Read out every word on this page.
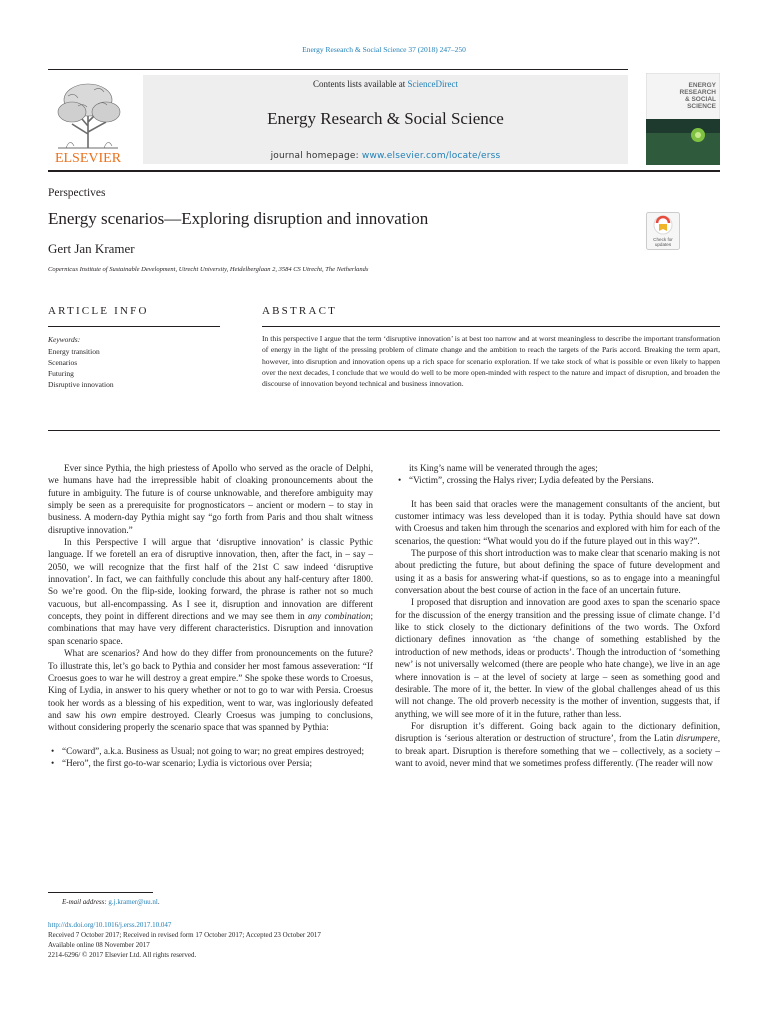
Energy Research & Social Science 37 (2018) 247–250
ELSEVIER
Contents lists available at ScienceDirect
Energy Research & Social Science
journal homepage: www.elsevier.com/locate/erss
ENERGY
RESEARCH
& SOCIAL
SCIENCE
Perspectives
Energy scenarios—Exploring disruption and innovation
Gert Jan Kramer
Copernicus Institute of Sustainable Development, Utrecht University, Heidelberglaan 2, 3584 CS Utrecht, The Netherlands
Check for
updates
ARTICLE INFO
Keywords:
Energy transition
Scenarios
Futuring
Disruptive innovation
ABSTRACT
In this perspective I argue that the term ‘disruptive innovation’ is at best too narrow and at worst meaningless to describe the important transformation of energy in the light of the pressing problem of climate change and the ambition to reach the targets of the Paris accord. Breaking the term apart, however, into disruption and innovation opens up a rich space for scenario exploration. If we take stock of what is possible or even likely to happen over the next decades, I conclude that we would do well to be more open-minded with respect to the nature and impact of disruption, and broaden the discourse of innovation beyond technical and business innovation.

Ever since Pythia, the high priestess of Apollo who served as the oracle of Delphi, we humans have had the irrepressible habit of cloaking pronouncements about the future in ambiguity. The future is of course unknowable, and therefore ambiguity may simply be seen as a prerequisite for prognosticators – ancient or modern – to stay in business. A modern-day Pythia might say “go forth from Paris and thou shalt witness disruptive innovation.”

In this Perspective I will argue that ‘disruptive innovation’ is classic Pythic language. If we foretell an era of disruptive innovation, then, after the fact, in – say – 2050, we will recognize that the first half of the 21st C saw indeed ‘disruptive innovation’. In fact, we can faithfully conclude this about any half-century after 1800. So we’re good. On the flip-side, looking forward, the phrase is rather not so much vacuous, but all-encompassing. As I see it, disruption and innovation are different concepts, they point in different directions and we may see them in any combination; combinations that may have very different characteristics. Disruption and innovation span scenario space.

What are scenarios? And how do they differ from pronouncements on the future? To illustrate this, let’s go back to Pythia and consider her most famous asseveration: “If Croesus goes to war he will destroy a great empire.” She spoke these words to Croesus, King of Lydia, in answer to his query whether or not to go to war with Persia. Croesus took her words as a blessing of his expedition, went to war, was ingloriously defeated and saw his own empire destroyed. Clearly Croesus was jumping to conclusions, without considering properly the scenario space that was spanned by Pythia:

• “Coward”, a.k.a. Business as Usual; not going to war; no great empires destroyed;
• “Hero”, the first go-to-war scenario; Lydia is victorious over Persia;

its King’s name will be venerated through the ages;

• “Victim”, crossing the Halys river; Lydia defeated by the Persians.

It has been said that oracles were the management consultants of the ancient, but customer intimacy was less developed than it is today. Pythia should have sat down with Croesus and taken him through the scenarios and explored with him for each of the scenarios, the question: “What would you do if the future played out in this way?”.

The purpose of this short introduction was to make clear that scenario making is not about predicting the future, but about defining the space of future development and using it as a basis for answering what-if questions, so as to engage into a meaningful conversation about the best course of action in the face of an uncertain future.

I proposed that disruption and innovation are good axes to span the scenario space for the discussion of the energy transition and the pressing issue of climate change. I’d like to stick closely to the dictionary definitions of the two words. The Oxford dictionary defines innovation as ‘the change of something established by the introduction of new methods, ideas or products’. Though the introduction of ‘something new’ is not universally welcomed (there are people who hate change), we live in an age where innovation is – at the level of society at large – seen as something good and desirable. The more of it, the better. In view of the global challenges ahead of us this will not change. The old proverb necessity is the mother of invention, suggests that, if anything, we will see more of it in the future, rather than less.

For disruption it’s different. Going back again to the dictionary definition, disruption is ‘serious alteration or destruction of structure’, from the Latin disrumpere, to break apart. Disruption is therefore something that we – collectively, as a society – want to avoid, never mind that we sometimes profess differently. (The reader will now

E-mail address: g.j.kramer@uu.nl.
http://dx.doi.org/10.1016/j.erss.2017.10.047
Received 7 October 2017; Received in revised form 17 October 2017; Accepted 23 October 2017
Available online 08 November 2017
2214-6296/ © 2017 Elsevier Ltd. All rights reserved.
